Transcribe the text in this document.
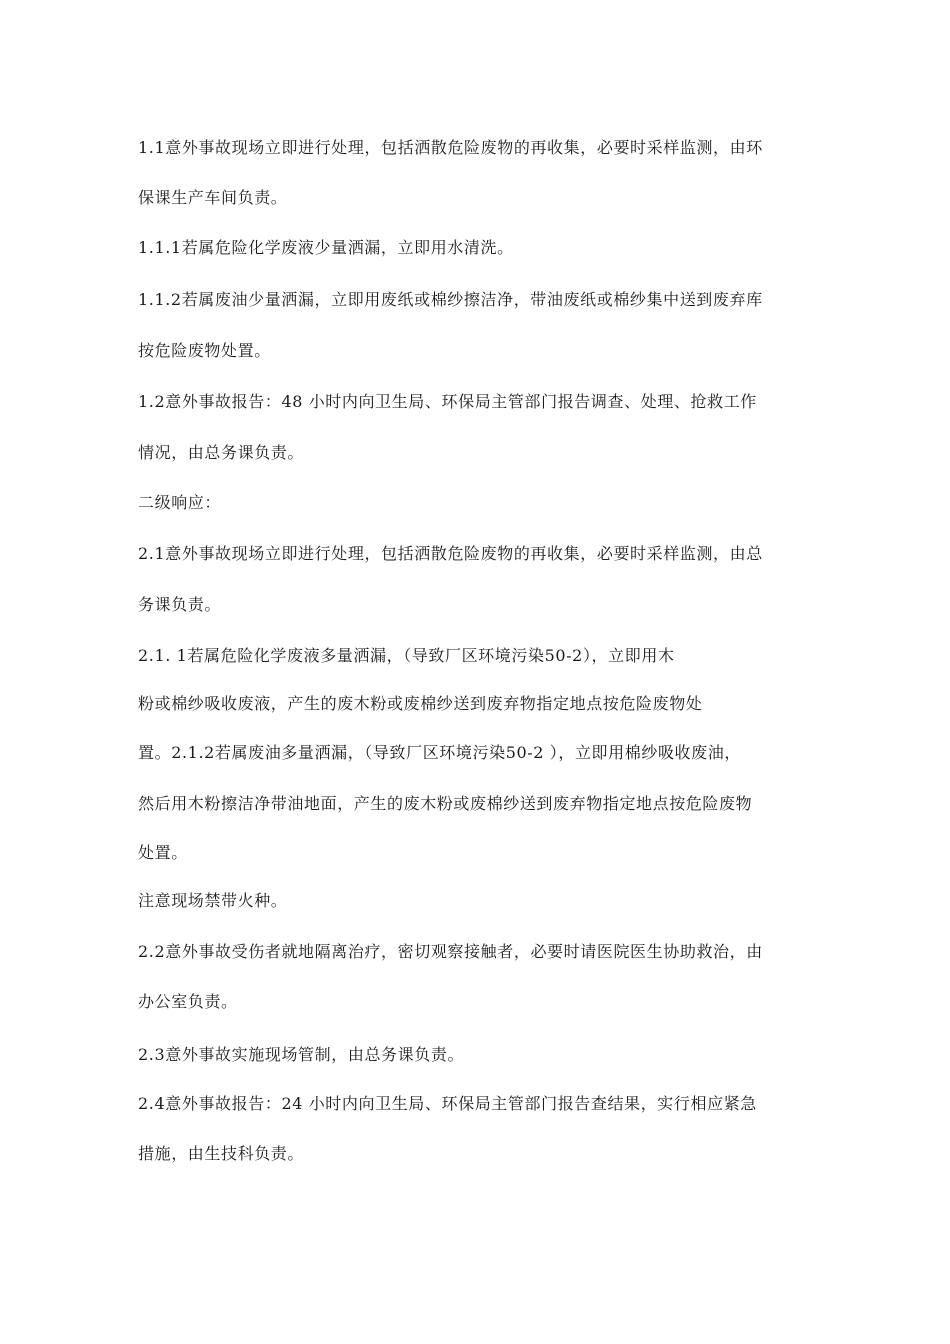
1.1意外事故现场立即进行处理，包括洒散危险废物的再收集，必要时采样监测，由环
保课生产车间负责。
1.1.1若属危险化学废液少量洒漏，立即用水清洗。
1.1.2若属废油少量洒漏，立即用废纸或棉纱擦洁净，带油废纸或棉纱集中送到废弃库
按危险废物处置。
1.2意外事故报告：48 小时内向卫生局、环保局主管部门报告调查、处理、抢救工作
情况，由总务课负责。
二级响应：
2.1意外事故现场立即进行处理，包括洒散危险废物的再收集，必要时采样监测，由总
务课负责。
2.1. 1若属危险化学废液多量洒漏，（导致厂区环境污染50-2），立即用木
粉或棉纱吸收废液，产生的废木粉或废棉纱送到废弃物指定地点按危险废物处
置。2.1.2若属废油多量洒漏，（导致厂区环境污染50-2 ），立即用棉纱吸收废油，
然后用木粉擦洁净带油地面，产生的废木粉或废棉纱送到废弃物指定地点按危险废物
处置。
注意现场禁带火种。
2.2意外事故受伤者就地隔离治疗，密切观察接触者，必要时请医院医生协助救治，由
办公室负责。
2.3意外事故实施现场管制，由总务课负责。
2.4意外事故报告：24 小时内向卫生局、环保局主管部门报告查结果，实行相应紧急
措施，由生技科负责。
